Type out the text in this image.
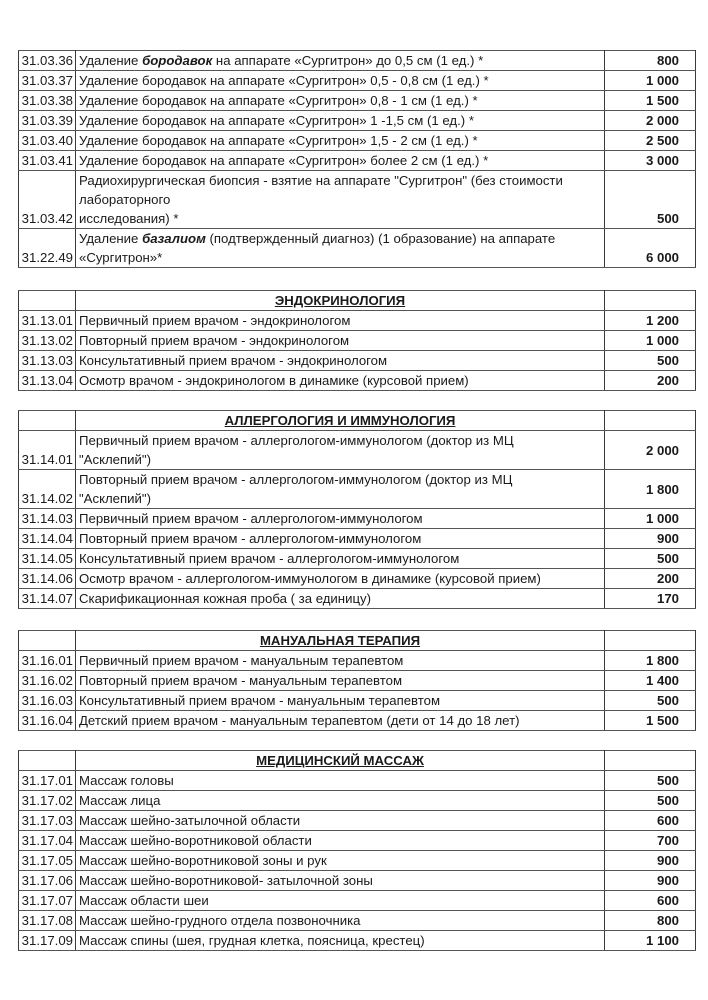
31.03.36	Удаление бородавок на аппарате «Сургитрон» до 0,5 см (1 ед.) *	800
31.03.37	Удаление бородавок на аппарате «Сургитрон» 0,5 - 0,8 см (1 ед.) *	1 000
31.03.38	Удаление бородавок на аппарате «Сургитрон» 0,8 - 1 см (1 ед.) *	1 500
31.03.39	Удаление бородавок на аппарате «Сургитрон» 1 -1,5 см (1 ед.) *	2 000
31.03.40	Удаление бородавок на аппарате «Сургитрон» 1,5 - 2 см (1 ед.) *	2 500
31.03.41	Удаление бородавок на аппарате «Сургитрон» более 2 см (1 ед.) *	3 000
31.03.42	Радиохирургическая биопсия - взятие на аппарате "Сургитрон" (без стоимости
лабораторного
исследования) *	500
31.22.49	Удаление базалиом (подтвержденный диагноз) (1 образование) на аппарате
«Сургитрон»*	6 000
	ЭНДОКРИНОЛОГИЯ	
31.13.01	Первичный прием врачом - эндокринологом	1 200
31.13.02	Повторный прием врачом - эндокринологом	1 000
31.13.03	Консультативный прием врачом - эндокринологом	500
31.13.04	Осмотр врачом - эндокринологом в динамике (курсовой прием)	200
	АЛЛЕРГОЛОГИЯ И ИММУНОЛОГИЯ	
31.14.01	Первичный прием врачом - аллергологом-иммунологом (доктор из МЦ
"Асклепий")	2 000
31.14.02	Повторный прием врачом - аллергологом-иммунологом (доктор из МЦ
"Асклепий")	1 800
31.14.03	Первичный прием врачом - аллергологом-иммунологом	1 000
31.14.04	Повторный прием врачом - аллергологом-иммунологом	900
31.14.05	Консультативный прием врачом - аллергологом-иммунологом	500
31.14.06	Осмотр врачом - аллергологом-иммунологом в динамике (курсовой прием)	200
31.14.07	Скарификационная кожная проба ( за единицу)	170
	МАНУАЛЬНАЯ ТЕРАПИЯ	
31.16.01	Первичный прием врачом - мануальным терапевтом	1 800
31.16.02	Повторный прием врачом - мануальным терапевтом	1 400
31.16.03	Консультативный прием врачом - мануальным терапевтом	500
31.16.04	Детский прием врачом - мануальным терапевтом (дети от 14 до 18 лет)	1 500
	МЕДИЦИНСКИЙ МАССАЖ	
31.17.01	Массаж головы	500
31.17.02	Массаж лица	500
31.17.03	Массаж шейно-затылочной области	600
31.17.04	Массаж шейно-воротниковой области	700
31.17.05	Массаж шейно-воротниковой зоны и рук	900
31.17.06	Массаж шейно-воротниковой- затылочной зоны	900
31.17.07	Массаж области шеи	600
31.17.08	Массаж шейно-грудного отдела позвоночника	800
31.17.09	Массаж спины (шея, грудная клетка, поясница, крестец)	1 100
